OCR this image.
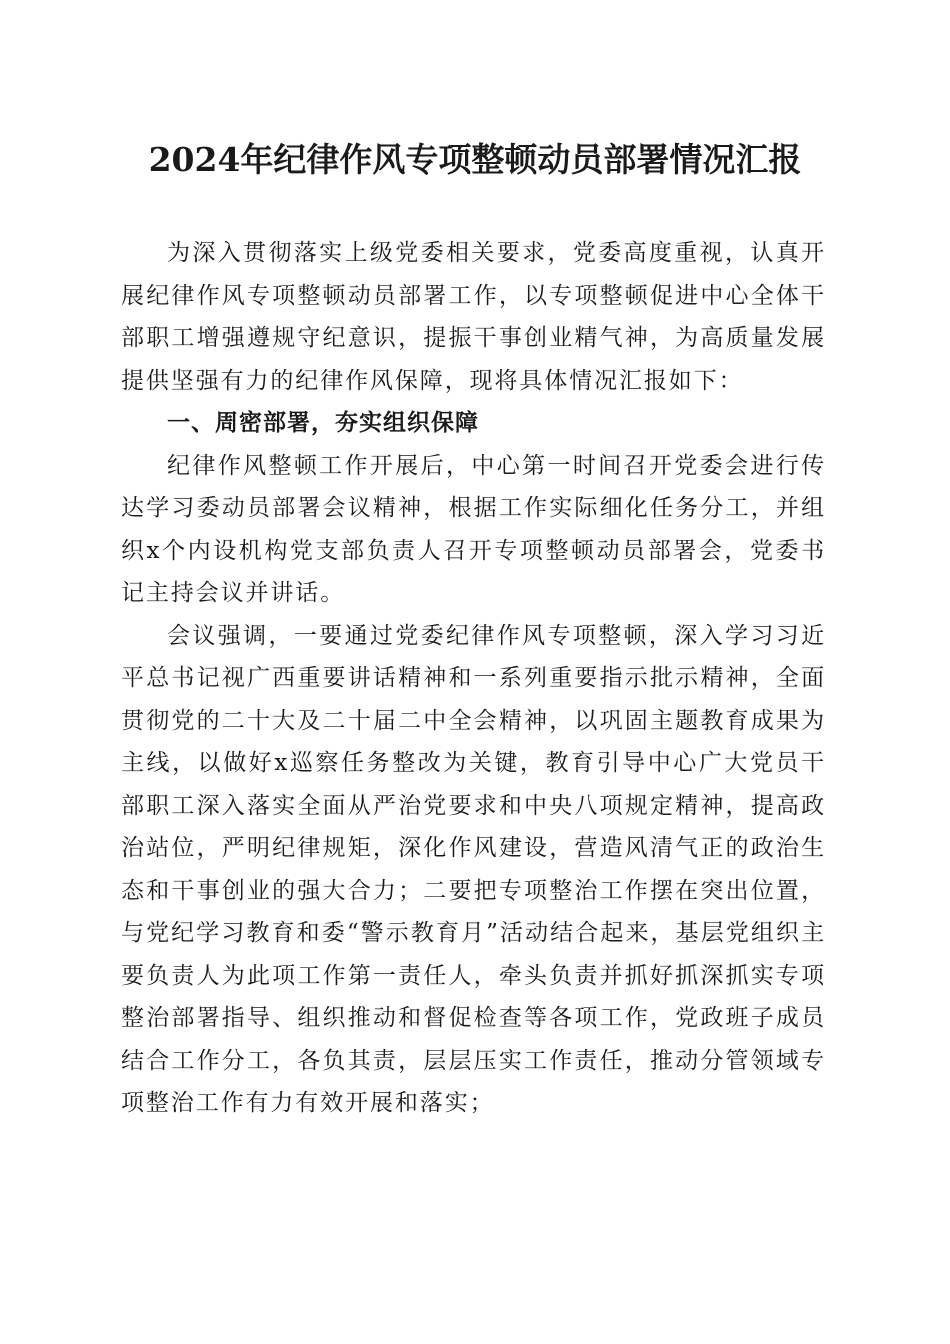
2024年纪律作风专项整顿动员部署情况汇报

为深入贯彻落实上级党委相关要求，党委高度重视，认真开展纪律作风专项整顿动员部署工作，以专项整顿促进中心全体干部职工增强遵规守纪意识，提振干事创业精气神，为高质量发展提供坚强有力的纪律作风保障，现将具体情况汇报如下：

一、周密部署，夯实组织保障

纪律作风整顿工作开展后，中心第一时间召开党委会进行传达学习委动员部署会议精神，根据工作实际细化任务分工，并组织x个内设机构党支部负责人召开专项整顿动员部署会，党委书记主持会议并讲话。

会议强调，一要通过党委纪律作风专项整顿，深入学习习近平总书记视广西重要讲话精神和一系列重要指示批示精神，全面贯彻党的二十大及二十届二中全会精神，以巩固主题教育成果为主线，以做好x巡察任务整改为关键，教育引导中心广大党员干部职工深入落实全面从严治党要求和中央八项规定精神，提高政治站位，严明纪律规矩，深化作风建设，营造风清气正的政治生态和干事创业的强大合力；二要把专项整治工作摆在突出位置，与党纪学习教育和委“警示教育月”活动结合起来，基层党组织主要负责人为此项工作第一责任人，牵头负责并抓好抓深抓实专项整治部署指导、组织推动和督促检查等各项工作，党政班子成员结合工作分工，各负其责，层层压实工作责任，推动分管领域专项整治工作有力有效开展和落实；
